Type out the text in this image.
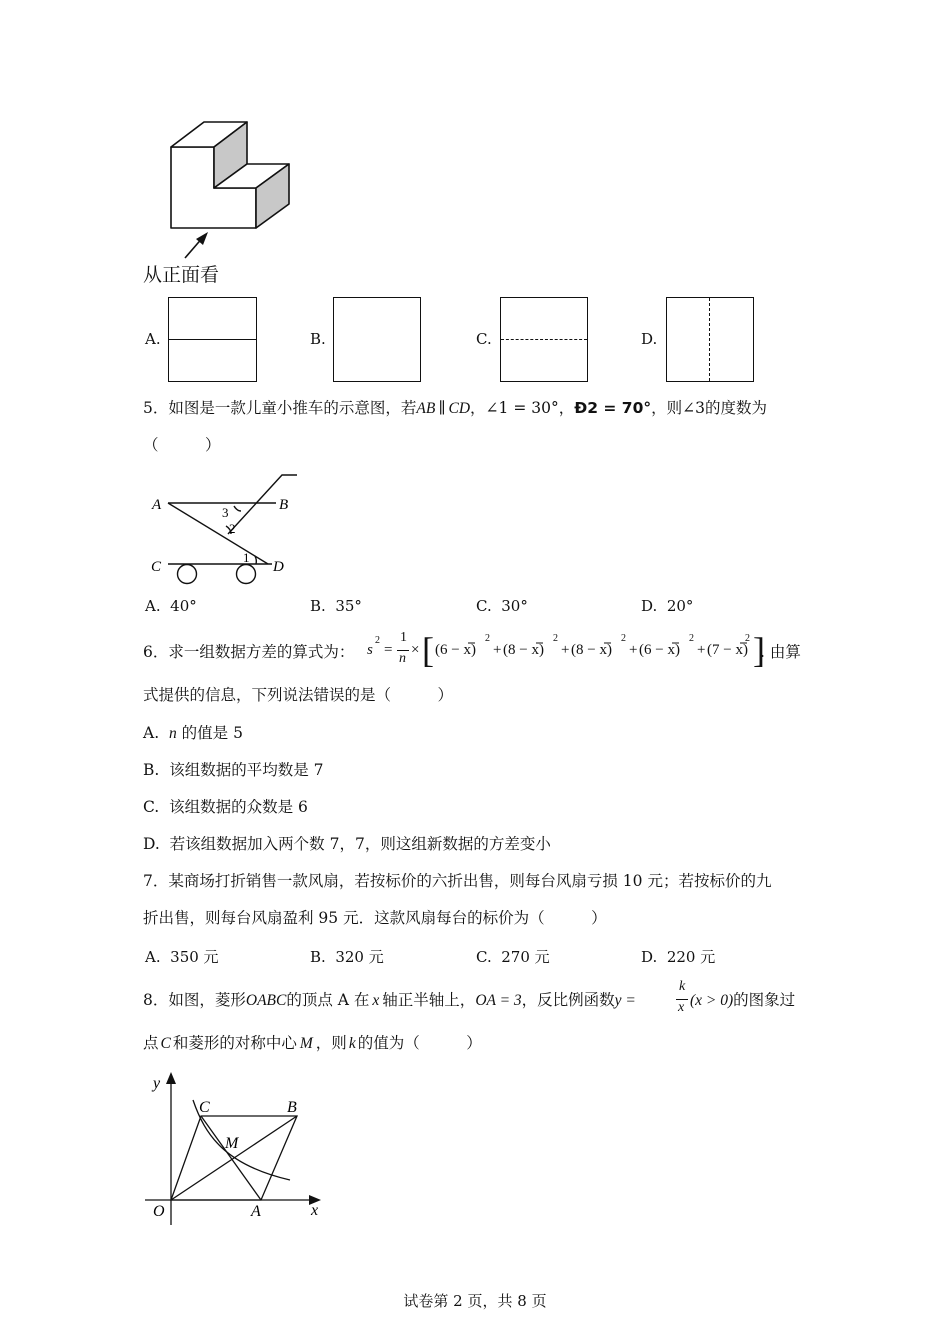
从正面看
A.	B.	C.	D.
5．如图是一款儿童小推车的示意图，若AB ∥ CD，∠1 = 30°，Đ2 = 70°，则∠3的度数为
（　　　）
A	B
C	D
1
2
3
A. 40°	B. 35°	C. 30°	D. 20°
6．求一组数据方差的算式为： s
2
=
1
n
× [ (6 − x)
2
+ (8 − x)
2
+ (8 − x)
2
+ (6 − x)
2
+ (7 − x)
2 ]
. 由算
式提供的信息，下列说法错误的是（　　　）
A. n 的值是 5
B. 该组数据的平均数是 7
C. 该组数据的众数是 6
D. 若该组数据加入两个数 7，7，则这组新数据的方差变小
7．某商场打折销售一款风扇，若按标价的六折出售，则每台风扇亏损 10 元；若按标价的九
折出售，则每台风扇盈利 95 元．这款风扇每台的标价为（　　　）
A. 350 元	B. 320 元	C. 270 元	D. 220 元
8．如图，菱形OABC的顶点 A 在 x 轴正半轴上，OA = 3，反比例函数y =
k
x (x > 0)的图象过
点 C 和菱形的对称中心 M ，则 k 的值为（　　　）
y
x
O	A
B
C
M
试卷第 2 页，共 8 页
